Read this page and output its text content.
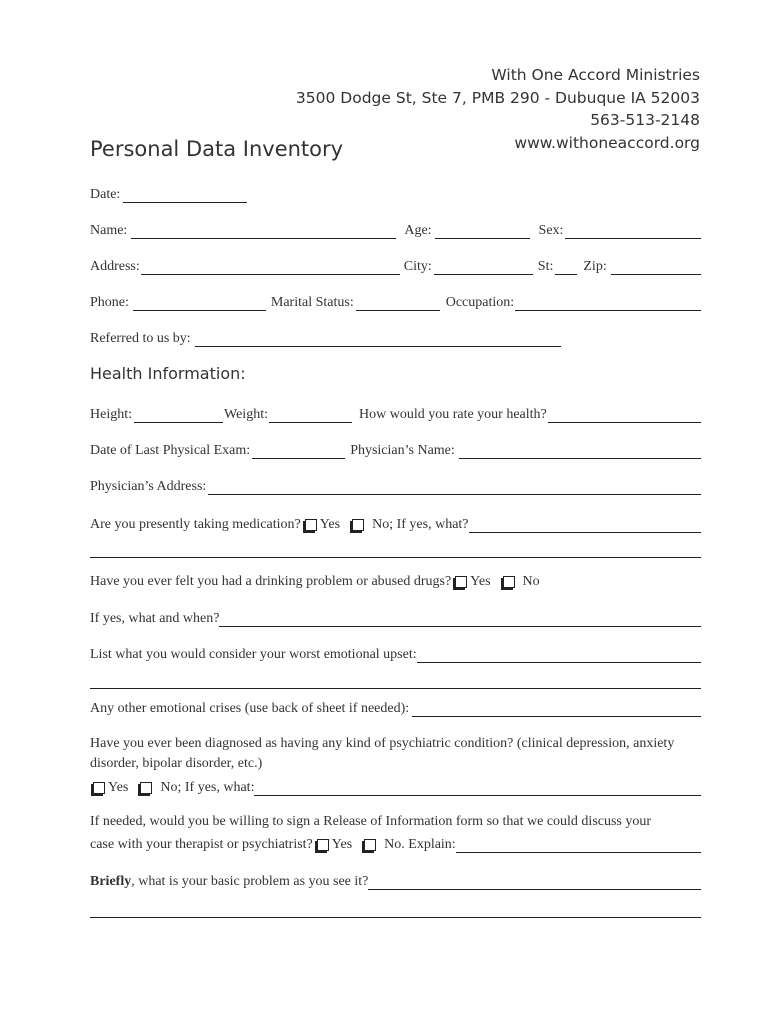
With One Accord Ministries
3500 Dodge St, Ste 7, PMB 290 - Dubuque IA 52003
563-513-2148
www.withoneaccord.org
Personal Data Inventory
Date:
Name:	Age:	Sex:
Address:	City:	St: Zip:
Phone:	Marital Status:	Occupation:
Referred to us by:
Health Information:
Height:	Weight:	How would you rate your health?
Date of Last Physical Exam:	Physician’s Name:
Physician’s Address:
Are you presently taking medication? Yes No; If yes, what?
Have you ever felt you had a drinking problem or abused drugs? Yes No
If yes, what and when?
List what you would consider your worst emotional upset:
Any other emotional crises (use back of sheet if needed):
Have you ever been diagnosed as having any kind of psychiatric condition? (clinical depression, anxiety disorder, bipolar disorder, etc.)
Yes No; If yes, what:
If needed, would you be willing to sign a Release of Information form so that we could discuss your
case with your therapist or psychiatrist? Yes No. Explain:
Briefly , what is your basic problem as you see it?
